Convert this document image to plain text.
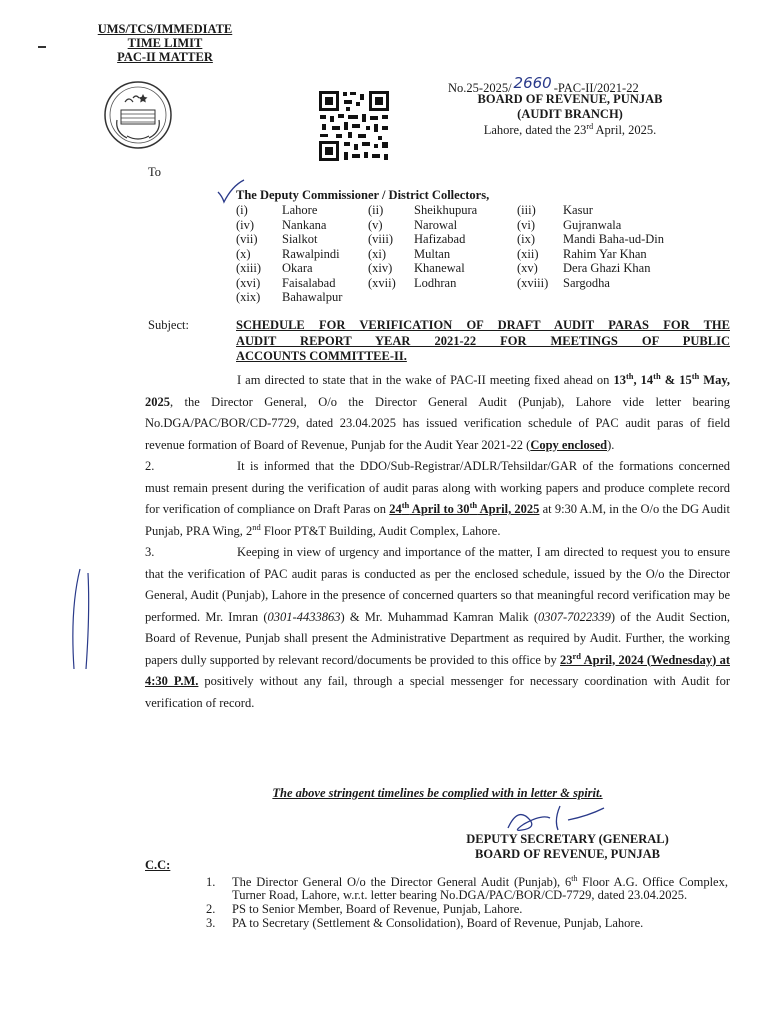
UMS/TCS/IMMEDIATE
TIME LIMIT
PAC-II MATTER
No.25-2025/ 2660 -PAC-II/2021-22
BOARD OF REVENUE, PUNJAB
(AUDIT BRANCH)
Lahore, dated the 23rd April, 2025.
To
The Deputy Commissioner / District Collectors,
(i)	Lahore	(ii)	Sheikhupura	(iii)	Kasur
(iv)	Nankana	(v)	Narowal	(vi)	Gujranwala
(vii)	Sialkot	(viii)	Hafizabad	(ix)	Mandi Baha-ud-Din
(x)	Rawalpindi	(xi)	Multan	(xii)	Rahim Yar Khan
(xiii)	Okara	(xiv)	Khanewal	(xv)	Dera Ghazi Khan
(xvi)	Faisalabad	(xvii)	Lodhran	(xviii)	Sargodha
(xix)	Bahawalpur				
Subject:	SCHEDULE FOR VERIFICATION OF DRAFT AUDIT PARAS FOR THE
AUDIT REPORT YEAR 2021-22 FOR MEETINGS OF PUBLIC
ACCOUNTS COMMITTEE-II.

I am directed to state that in the wake of PAC-II meeting fixed ahead on 13th, 14th & 15th May, 2025, the Director General, O/o the Director General Audit (Punjab), Lahore vide letter bearing No.DGA/PAC/BOR/CD-7729, dated 23.04.2025 has issued verification schedule of PAC audit paras of field revenue formation of Board of Revenue, Punjab for the Audit Year 2021-22 (Copy enclosed).

2.	It is informed that the DDO/Sub-Registrar/ADLR/Tehsildar/GAR of the formations concerned must remain present during the verification of audit paras along with working papers and produce complete record for verification of compliance on Draft Paras on 24th April to 30th April, 2025 at 9:30 A.M, in the O/o the DG Audit Punjab, PRA Wing, 2nd Floor PT&T Building, Audit Complex, Lahore.

3.	Keeping in view of urgency and importance of the matter, I am directed to request you to ensure that the verification of PAC audit paras is conducted as per the enclosed schedule, issued by the O/o the Director General, Audit (Punjab), Lahore in the presence of concerned quarters so that meaningful record verification may be performed. Mr. Imran (0301-4433863) & Mr. Muhammad Kamran Malik (0307-7022339) of the Audit Section, Board of Revenue, Punjab shall present the Administrative Department as required by Audit. Further, the working papers dully supported by relevant record/documents be provided to this office by 23rd April, 2024 (Wednesday) at 4:30 P.M. positively without any fail, through a special messenger for necessary coordination with Audit for verification of record.

The above stringent timelines be complied with in letter & spirit.
DEPUTY SECRETARY (GENERAL)
BOARD OF REVENUE, PUNJAB
C.C:
1.	The Director General O/o the Director General Audit (Punjab), 6th Floor A.G. Office Complex, Turner Road, Lahore, w.r.t. letter bearing No.DGA/PAC/BOR/CD-7729, dated 23.04.2025.
2.	PS to Senior Member, Board of Revenue, Punjab, Lahore.
3.	PA to Secretary (Settlement & Consolidation), Board of Revenue, Punjab, Lahore.
